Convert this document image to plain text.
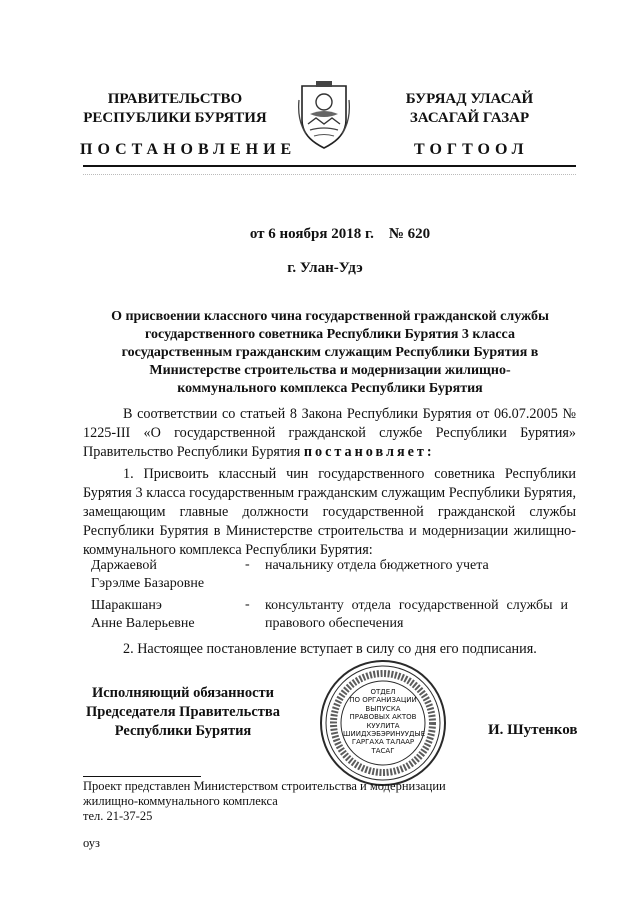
ПРАВИТЕЛЬСТВО
РЕСПУБЛИКИ БУРЯТИЯ
БУРЯАД УЛАСАЙ
ЗАСАГАЙ ГАЗАР
ПОСТАНОВЛЕНИЕ	ТОГТООЛ
от 6 ноября 2018 г.    № 620
г. Улан-Удэ
О присвоении классного чина государственной гражданской службы государственного советника Республики Бурятия 3 класса государственным гражданским служащим Республики Бурятия в Министерстве строительства и модернизации жилищно-коммунального комплекса Республики Бурятия
В соответствии со статьей 8 Закона Республики Бурятия от 06.07.2005 № 1225-III «О государственной гражданской службе Республики Бурятия» Правительство Республики Бурятия постановляет:
1. Присвоить классный чин государственного советника Республики Бурятия 3 класса государственным гражданским служащим Республики Бурятия, замещающим главные должности государственной гражданской службы Республики Бурятия в Министерстве строительства и модернизации жилищно-коммунального комплекса Республики Бурятия:
Даржаевой
Гэрэлме Базаровне
- начальнику отдела бюджетного учета
Шаракшанэ
Анне Валерьевне
- консультанту отдела государственной службы и правового обеспечения
2. Настоящее постановление вступает в силу со дня его подписания.
ОТДЕЛ
ПО ОРГАНИЗАЦИИ
ВЫПУСКА
ПРАВОВЫХ АКТОВ
КУУЛИТА
ШИИДХЭБЭРИНУУДЫЕ
ГАРГАХА ТАЛААР
ТАСАГ
Исполняющий обязанности
Председателя Правительства
Республики Бурятия	И. Шутенков
Проект представлен Министерством строительства и модернизации
жилищно-коммунального комплекса
тел. 21-37-25
оуз
